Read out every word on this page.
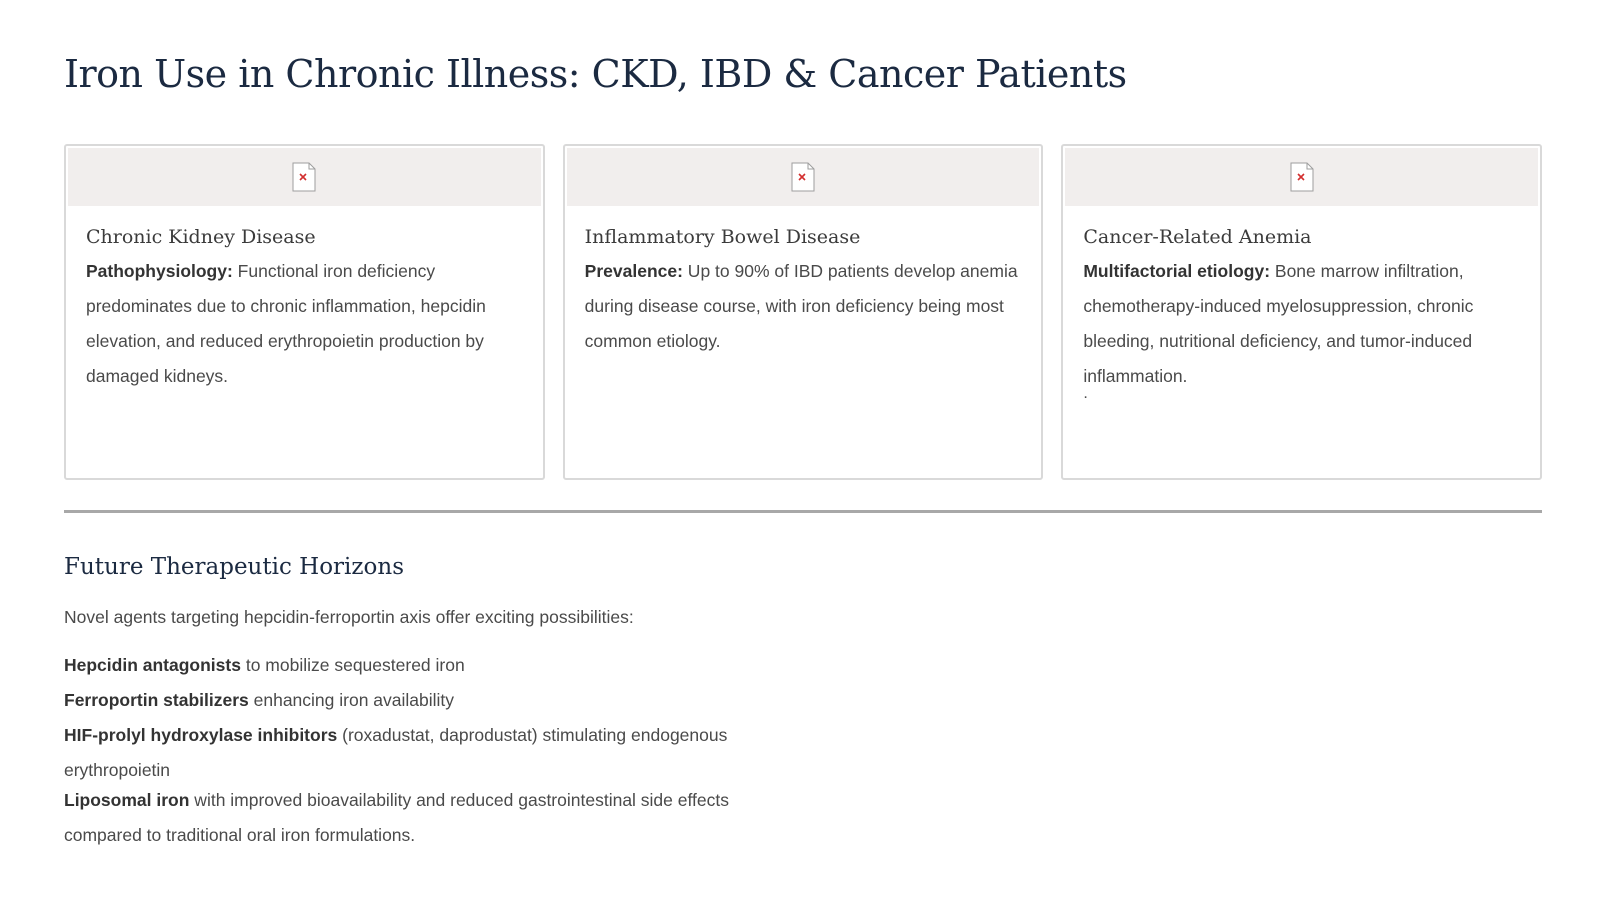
Iron Use in Chronic Illness: CKD, IBD & Cancer Patients
Chronic Kidney Disease

Pathophysiology: Functional iron deficiency predominates due to chronic inflammation, hepcidin elevation, and reduced erythropoietin production by damaged kidneys.

Inflammatory Bowel Disease

Prevalence: Up to 90% of IBD patients develop anemia during disease course, with iron deficiency being most common etiology.

Cancer-Related Anemia

Multifactorial etiology: Bone marrow infiltration, chemotherapy-induced myelosuppression, chronic bleeding, nutritional deficiency, and tumor-induced inflammation.

.

Future Therapeutic Horizons

Novel agents targeting hepcidin-ferroportin axis offer exciting possibilities:

Hepcidin antagonists to mobilize sequestered iron
Ferroportin stabilizers enhancing iron availability
HIF-prolyl hydroxylase inhibitors (roxadustat, daprodustat) stimulating endogenous erythropoietin
Liposomal iron with improved bioavailability and reduced gastrointestinal side effects compared to traditional oral iron formulations.
